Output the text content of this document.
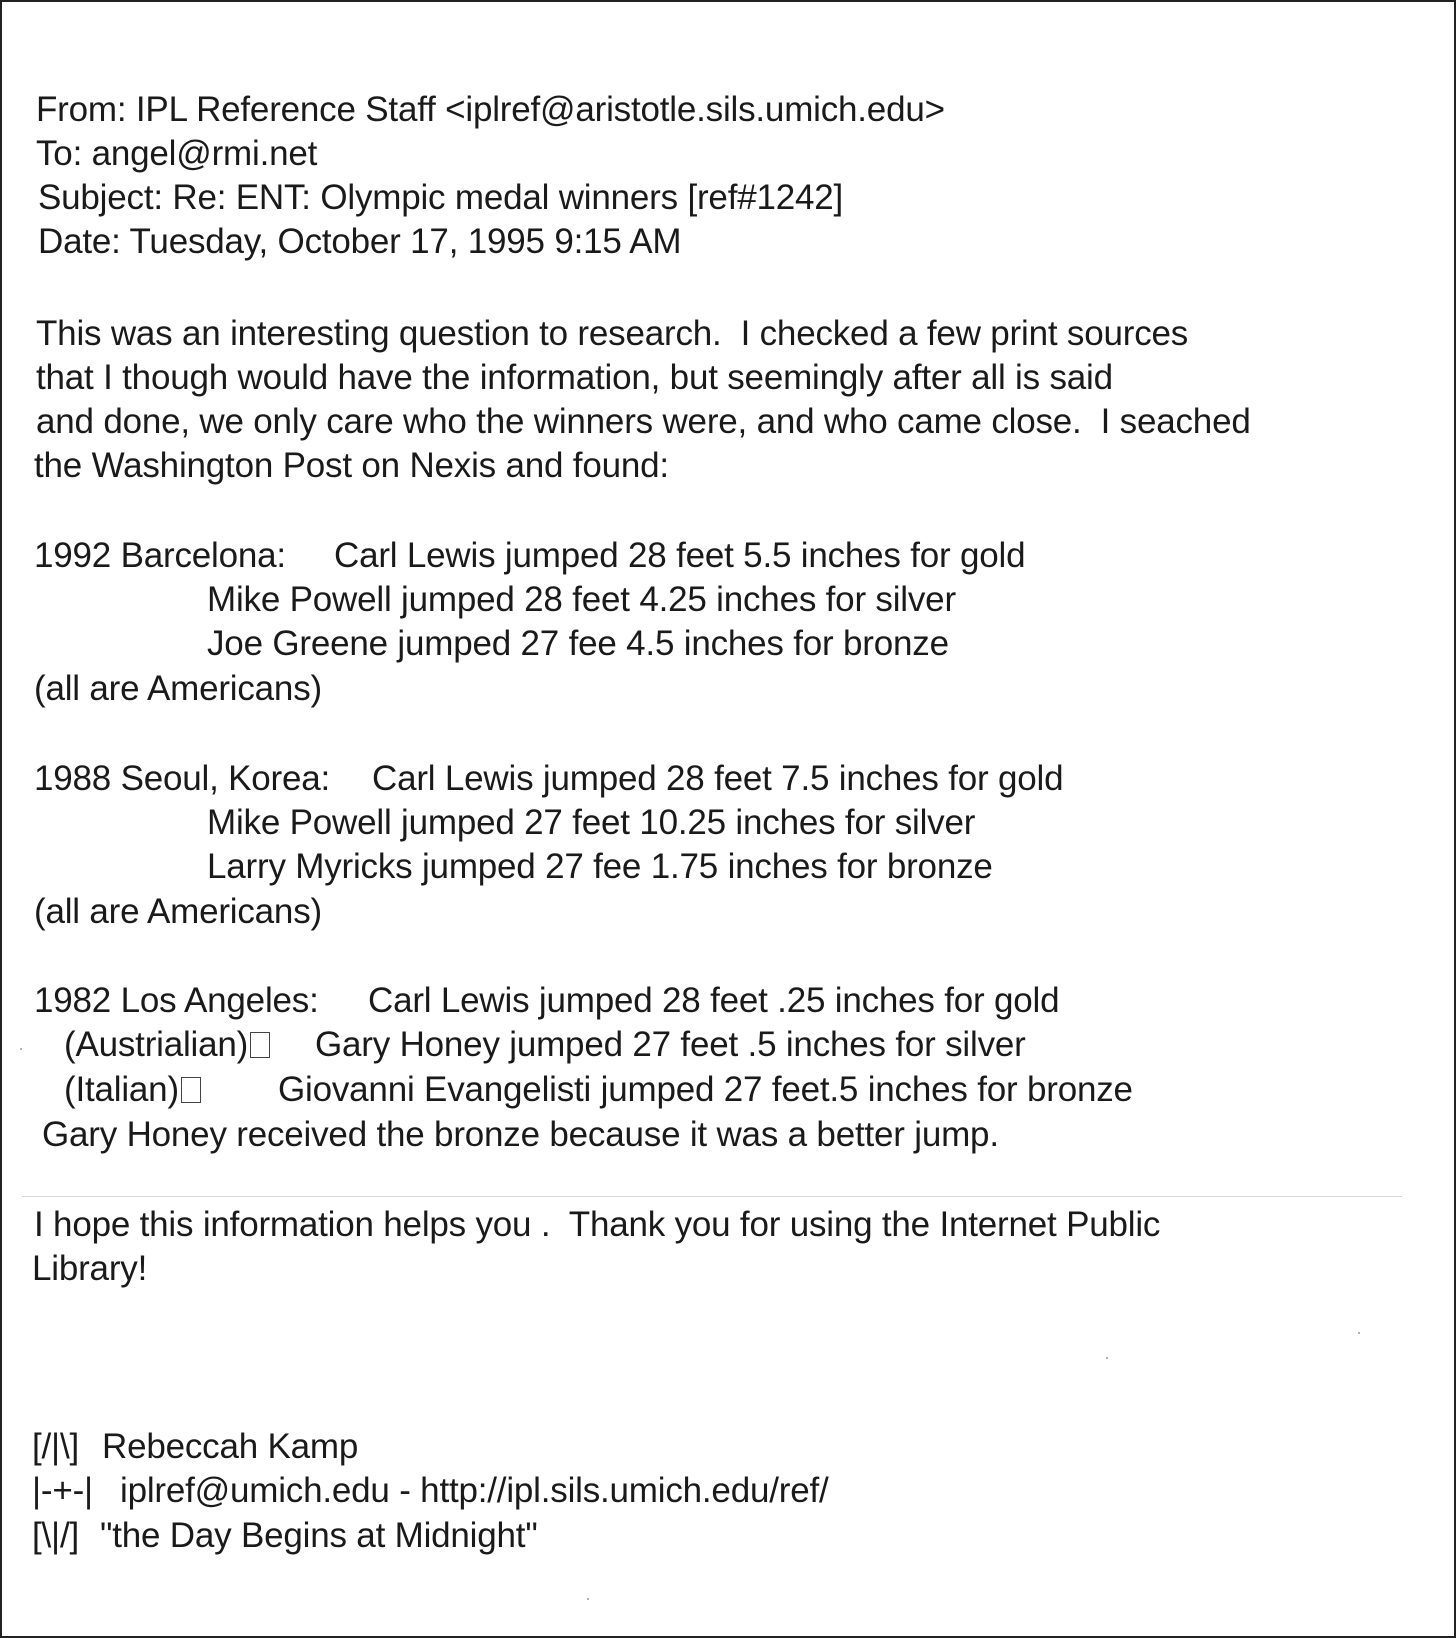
From: IPL Reference Staff <iplref@aristotle.sils.umich.edu>
To: angel@rmi.net
Subject: Re: ENT: Olympic medal winners [ref#1242]
Date: Tuesday, October 17, 1995 9:15 AM
This was an interesting question to research.  I checked a few print sources
that I though would have the information, but seemingly after all is said
and done, we only care who the winners were, and who came close.  I seached
the Washington Post on Nexis and found:
1992 Barcelona: Carl Lewis jumped 28 feet 5.5 inches for gold
Mike Powell jumped 28 feet 4.25 inches for silver
Joe Greene jumped 27 fee 4.5 inches for bronze
(all are Americans)
1988 Seoul, Korea: Carl Lewis jumped 28 feet 7.5 inches for gold
Mike Powell jumped 27 feet 10.25 inches for silver
Larry Myricks jumped 27 fee 1.75 inches for bronze
(all are Americans)
1982 Los Angeles: Carl Lewis jumped 28 feet .25 inches for gold
(Austrialian)	Gary Honey jumped 27 feet .5 inches for silver
(Italian)	Giovanni Evangelisti jumped 27 feet.5 inches for bronze
Gary Honey received the bronze because it was a better jump.
I hope this information helps you .  Thank you for using the Internet Public
Library!
[/|\] Rebeccah Kamp
|-+-| iplref@umich.edu - http://ipl.sils.umich.edu/ref/
[\|/] "the Day Begins at Midnight"
